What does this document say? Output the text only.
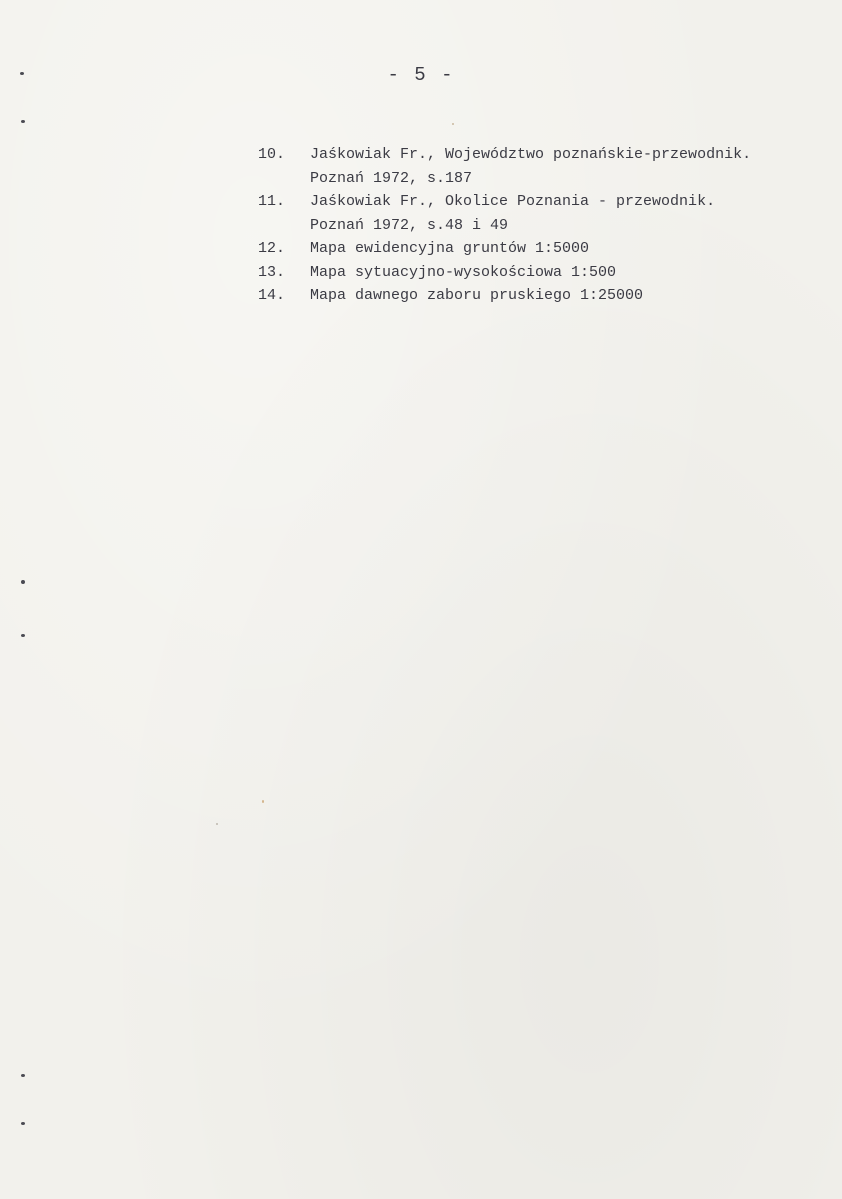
- 5 -
10.	Jaśkowiak Fr., Województwo poznańskie-przewodnik.
Poznań 1972, s.187
11.	Jaśkowiak Fr., Okolice Poznania - przewodnik.
Poznań 1972, s.48 i 49
12.	Mapa ewidencyjna gruntów 1:5000
13.	Mapa sytuacyjno-wysokościowa 1:500
14.	Mapa dawnego zaboru pruskiego 1:25000
